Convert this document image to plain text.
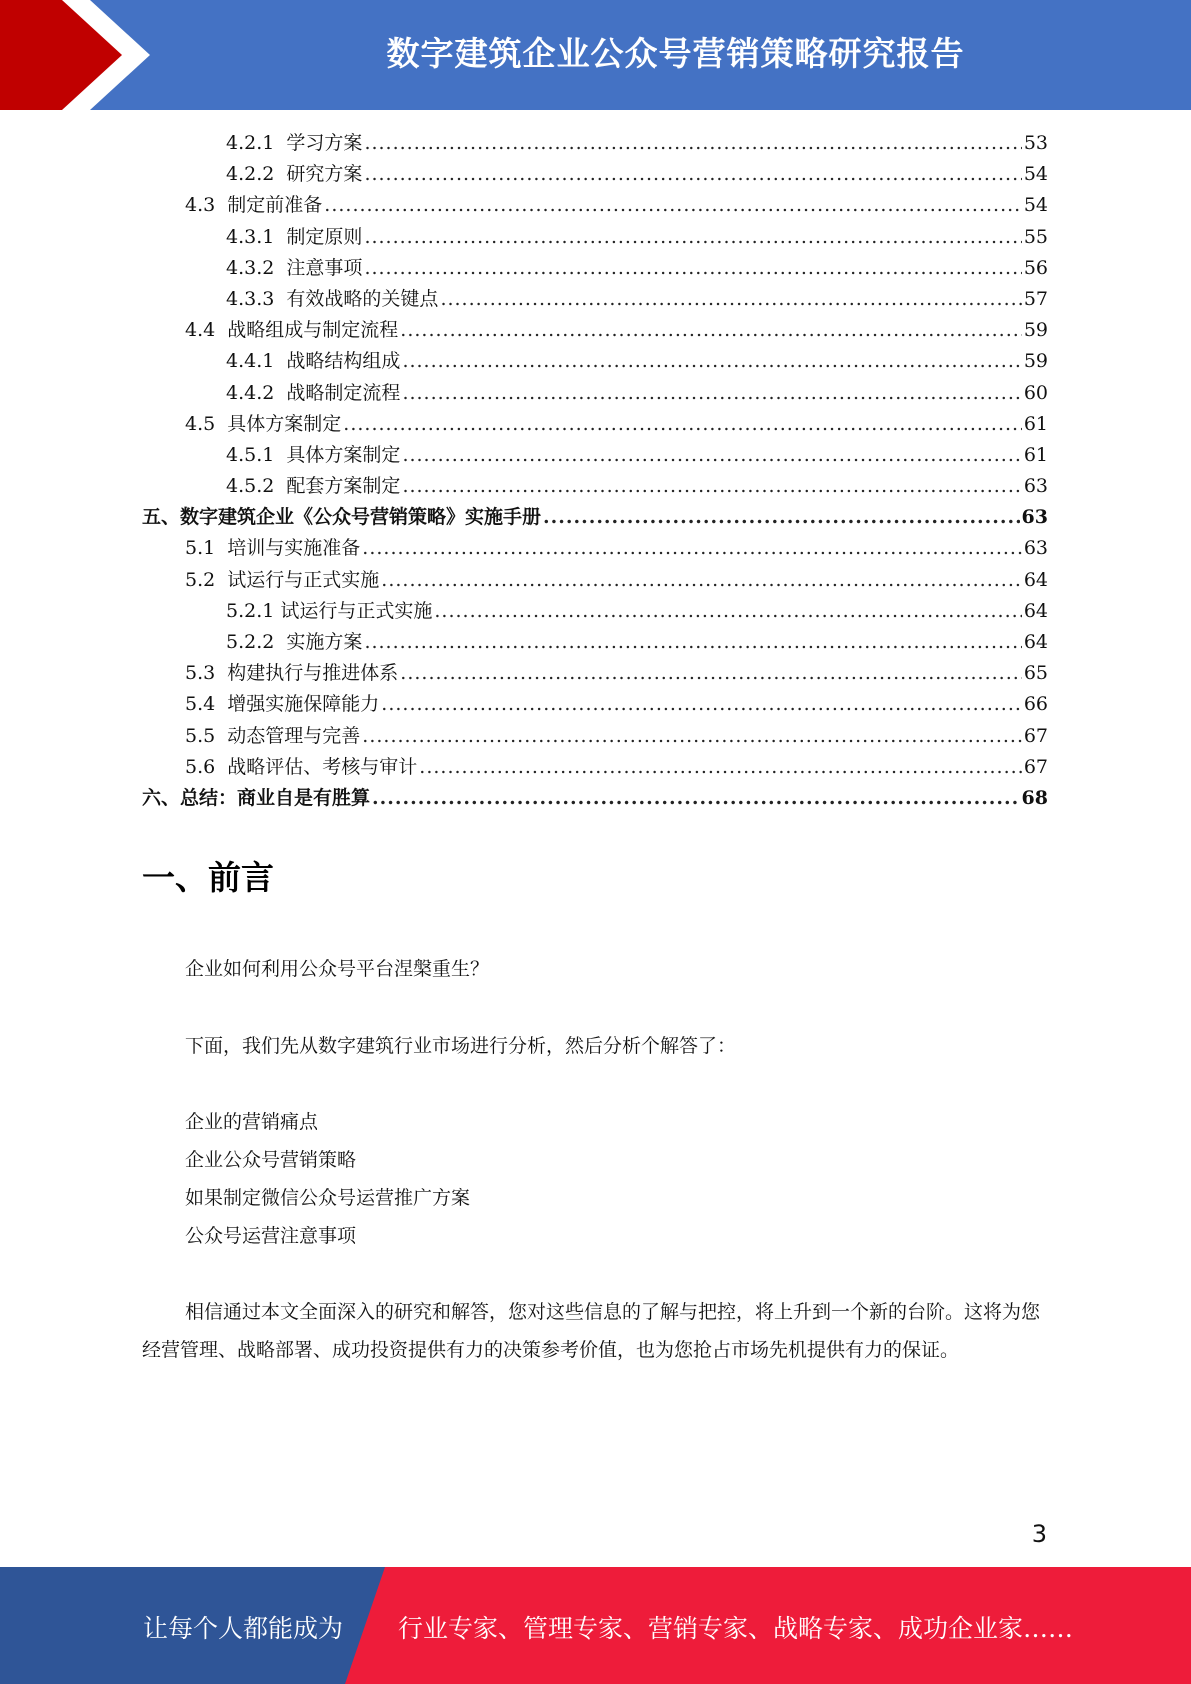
数字建筑企业公众号营销策略研究报告
4.2.1  学习方案 .....	53
4.2.2  研究方案 .....	54
4.3  制定前准备 .....	54
4.3.1  制定原则 .....	55
4.3.2  注意事项 .....	56
4.3.3  有效战略的关键点 .....	57
4.4  战略组成与制定流程 .....	59
4.4.1  战略结构组成 .....	59
4.4.2  战略制定流程 .....	60
4.5  具体方案制定 .....	61
4.5.1  具体方案制定 .....	61
4.5.2  配套方案制定 .....	63
五、数字建筑企业《公众号营销策略》实施手册 .....	63
5.1  培训与实施准备 .....	63
5.2  试运行与正式实施 .....	64
5.2.1 试运行与正式实施 .....	64
5.2.2  实施方案 .....	64
5.3  构建执行与推进体系 .....	65
5.4  增强实施保障能力 .....	66
5.5  动态管理与完善 .....	67
5.6  战略评估、考核与审计 .....	67
六、总结：商业自是有胜算 .....	68
一、前言
企业如何利用公众号平台涅槃重生？
下面，我们先从数字建筑行业市场进行分析，然后分析个解答了：
企业的营销痛点
企业公众号营销策略
如果制定微信公众号运营推广方案
公众号运营注意事项
相信通过本文全面深入的研究和解答，您对这些信息的了解与把控，将上升到一个新的台阶。这将为您经营管理、战略部署、成功投资提供有力的决策参考价值，也为您抢占市场先机提供有力的保证。
3
让每个人都能成为 行业专家、管理专家、营销专家、战略专家、成功企业家……
